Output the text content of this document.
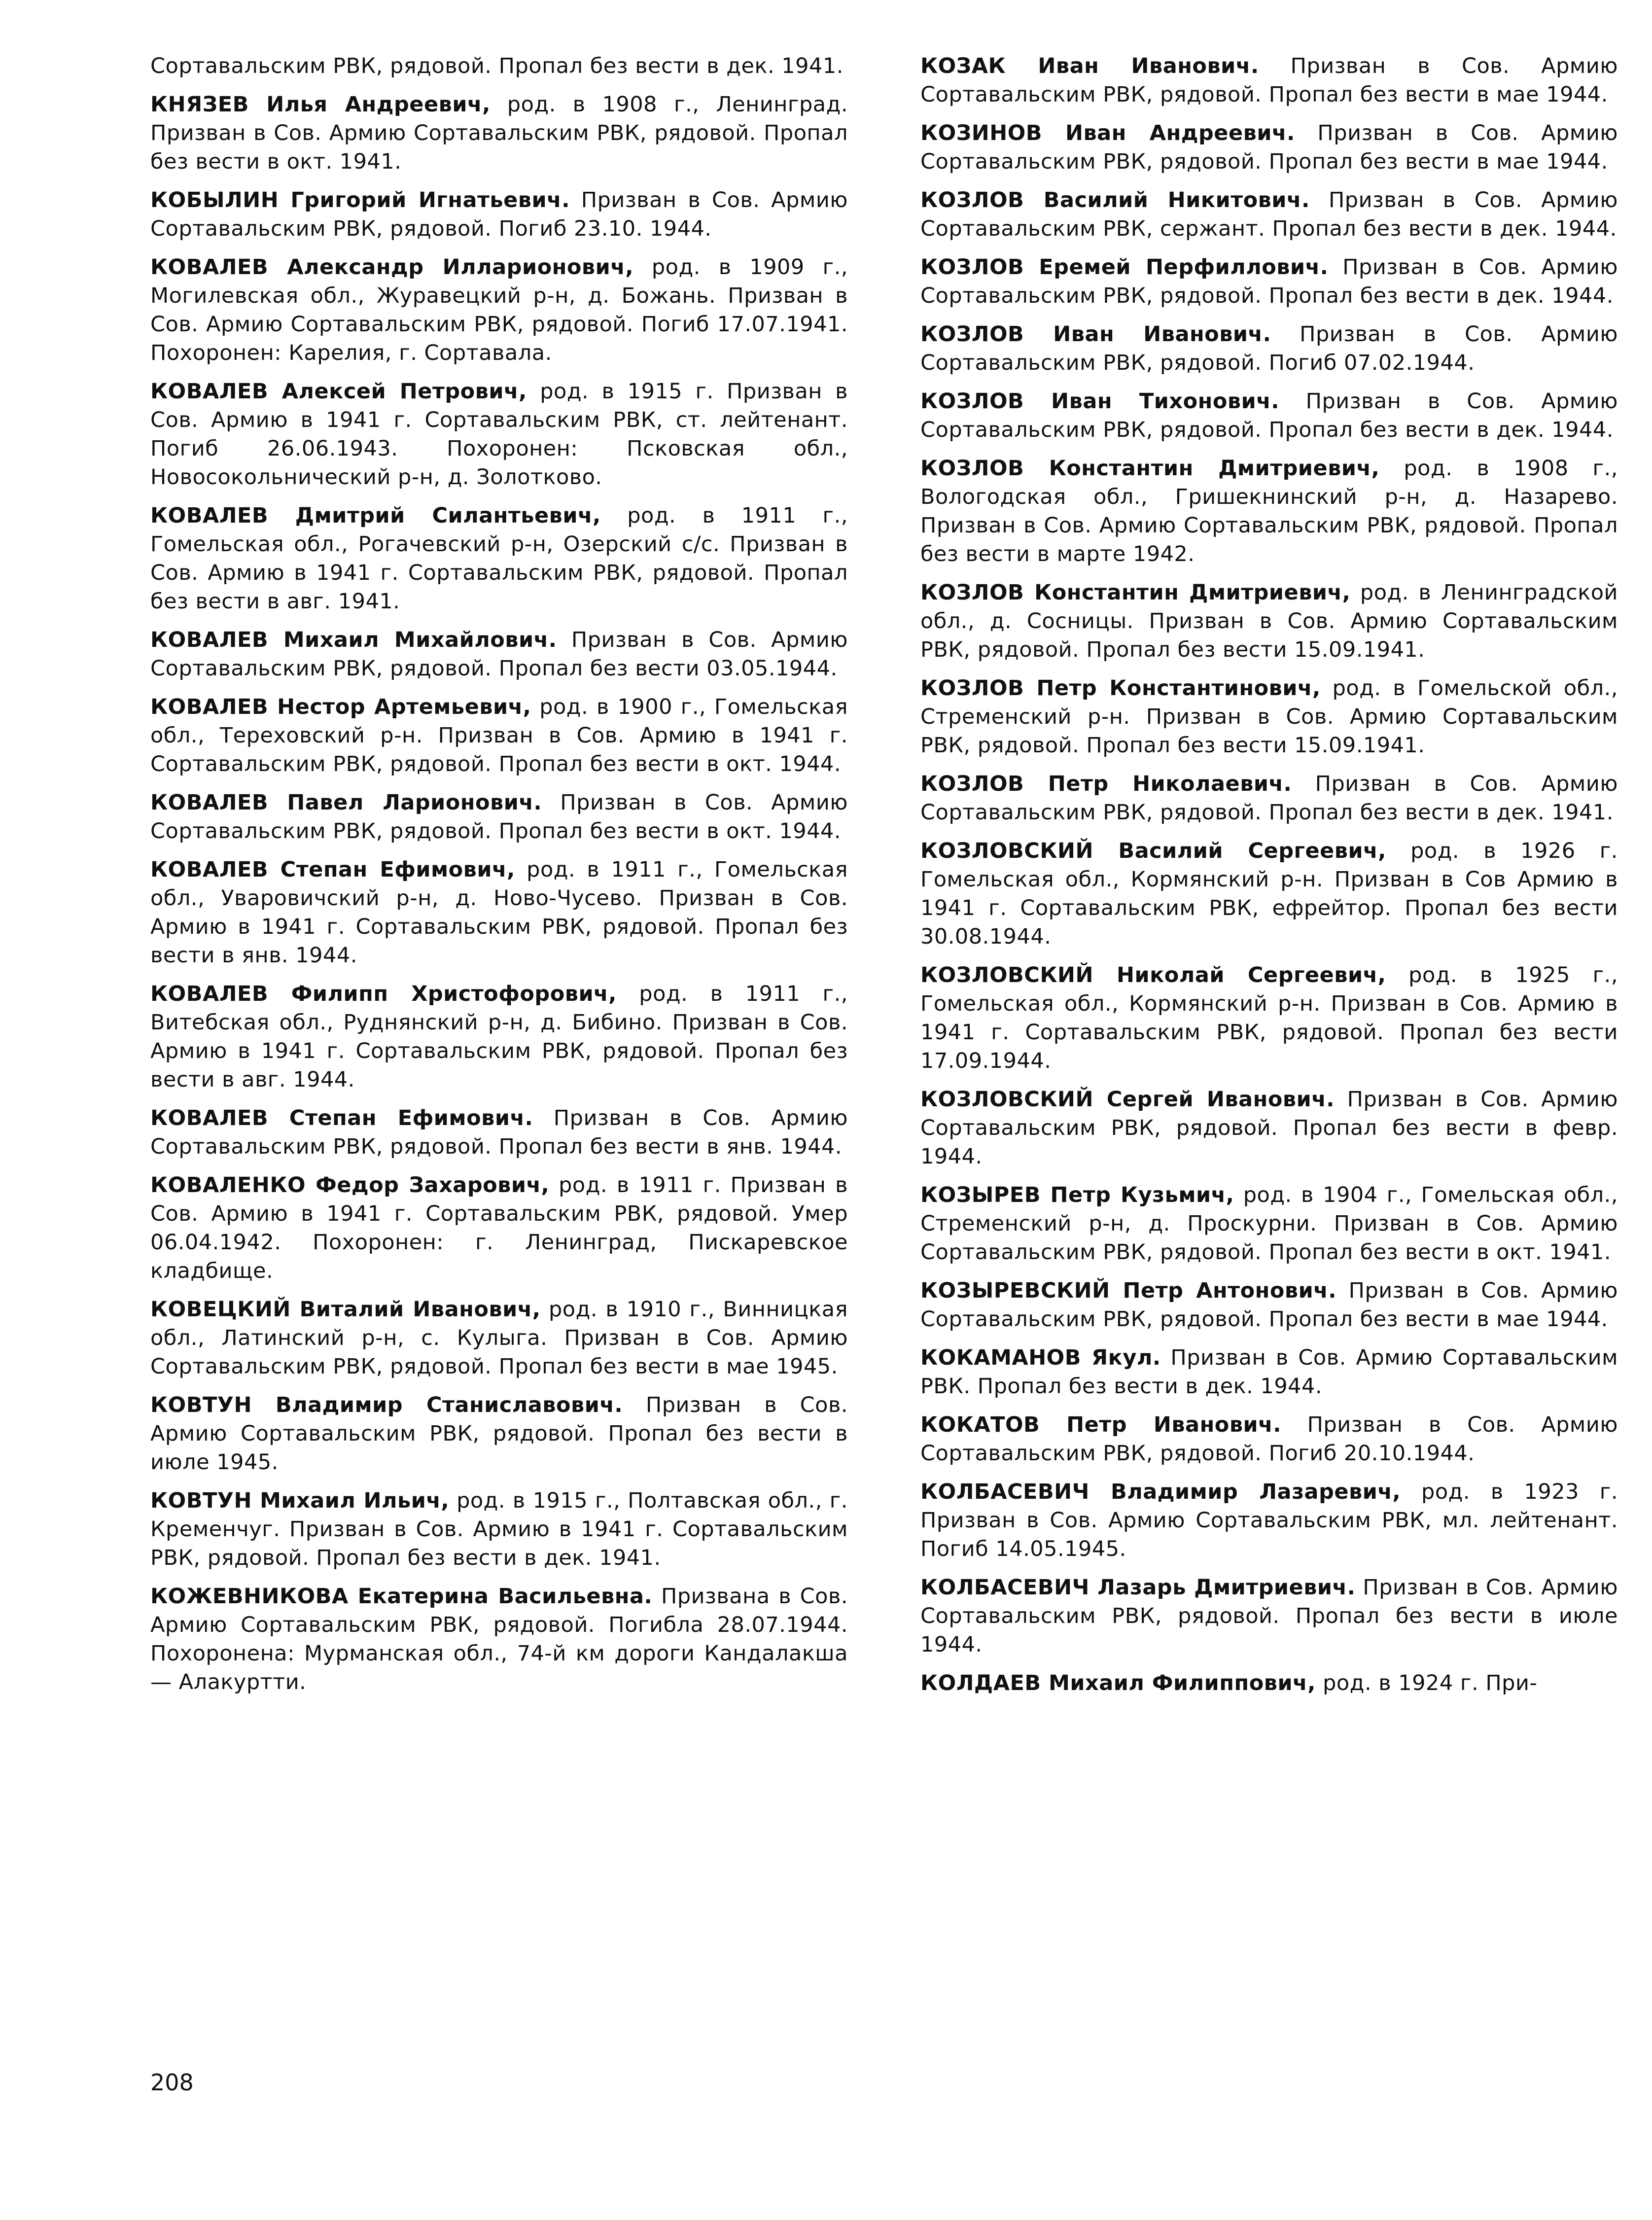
Сортавальским РВК, рядовой. Пропал без вести в дек. 1941.

КНЯЗЕВ Илья Андреевич, род. в 1908 г., Ленинград. Призван в Сов. Армию Сортавальским РВК, рядовой. Пропал без вести в окт. 1941.

КОБЫЛИН Григорий Игнатьевич. Призван в Сов. Армию Сортавальским РВК, рядовой. Погиб 23.10. 1944.

КОВАЛЕВ Александр Илларионович, род. в 1909 г., Могилевская обл., Журавецкий р-н, д. Божань. Призван в Сов. Армию Сортавальским РВК, рядовой. Погиб 17.07.1941. Похоронен: Карелия, г. Сортавала.

КОВАЛЕВ Алексей Петрович, род. в 1915 г. Призван в Сов. Армию в 1941 г. Сортавальским РВК, ст. лейтенант. Погиб 26.06.1943. Похоронен: Псковская обл., Новосокольнический р-н, д. Золотково.

КОВАЛЕВ Дмитрий Силантьевич, род. в 1911 г., Гомельская обл., Рогачевский р-н, Озерский с/с. Призван в Сов. Армию в 1941 г. Сортавальским РВК, рядовой. Пропал без вести в авг. 1941.

КОВАЛЕВ Михаил Михайлович. Призван в Сов. Армию Сортавальским РВК, рядовой. Пропал без вести 03.05.1944.

КОВАЛЕВ Нестор Артемьевич, род. в 1900 г., Гомельская обл., Тереховский р-н. Призван в Сов. Армию в 1941 г. Сортавальским РВК, рядовой. Пропал без вести в окт. 1944.

КОВАЛЕВ Павел Ларионович. Призван в Сов. Армию Сортавальским РВК, рядовой. Пропал без вести в окт. 1944.

КОВАЛЕВ Степан Ефимович, род. в 1911 г., Гомельская обл., Уваровичский р-н, д. Ново-Чусево. Призван в Сов. Армию в 1941 г. Сортавальским РВК, рядовой. Пропал без вести в янв. 1944.

КОВАЛЕВ Филипп Христофорович, род. в 1911 г., Витебская обл., Руднянский р-н, д. Бибино. Призван в Сов. Армию в 1941 г. Сортавальским РВК, рядовой. Пропал без вести в авг. 1944.

КОВАЛЕВ Степан Ефимович. Призван в Сов. Армию Сортавальским РВК, рядовой. Пропал без вести в янв. 1944.

КОВАЛЕНКО Федор Захарович, род. в 1911 г. Призван в Сов. Армию в 1941 г. Сортавальским РВК, рядовой. Умер 06.04.1942. Похоронен: г. Ленинград, Пискаревское кладбище.

КОВЕЦКИЙ Виталий Иванович, род. в 1910 г., Винницкая обл., Латинский р-н, с. Кулыга. Призван в Сов. Армию Сортавальским РВК, рядовой. Пропал без вести в мае 1945.

КОВТУН Владимир Станиславович. Призван в Сов. Армию Сортавальским РВК, рядовой. Пропал без вести в июле 1945.

КОВТУН Михаил Ильич, род. в 1915 г., Полтавская обл., г. Кременчуг. Призван в Сов. Армию в 1941 г. Сортавальским РВК, рядовой. Пропал без вести в дек. 1941.

КОЖЕВНИКОВА Екатерина Васильевна. Призвана в Сов. Армию Сортавальским РВК, рядовой. Погибла 28.07.1944. Похоронена: Мурманская обл., 74-й км дороги Кандалакша — Алакуртти.

КОЗАК Иван Иванович. Призван в Сов. Армию Сортавальским РВК, рядовой. Пропал без вести в мае 1944.

КОЗИНОВ Иван Андреевич. Призван в Сов. Армию Сортавальским РВК, рядовой. Пропал без вести в мае 1944.

КОЗЛОВ Василий Никитович. Призван в Сов. Армию Сортавальским РВК, сержант. Пропал без вести в дек. 1944.

КОЗЛОВ Еремей Перфиллович. Призван в Сов. Армию Сортавальским РВК, рядовой. Пропал без вести в дек. 1944.

КОЗЛОВ Иван Иванович. Призван в Сов. Армию Сортавальским РВК, рядовой. Погиб 07.02.1944.

КОЗЛОВ Иван Тихонович. Призван в Сов. Армию Сортавальским РВК, рядовой. Пропал без вести в дек. 1944.

КОЗЛОВ Константин Дмитриевич, род. в 1908 г., Вологодская обл., Гришекнинский р-н, д. Назарево. Призван в Сов. Армию Сортавальским РВК, рядовой. Пропал без вести в марте 1942.

КОЗЛОВ Константин Дмитриевич, род. в Ленинградской обл., д. Сосницы. Призван в Сов. Армию Сортавальским РВК, рядовой. Пропал без вести 15.09.1941.

КОЗЛОВ Петр Константинович, род. в Гомельской обл., Стременский р-н. Призван в Сов. Армию Сортавальским РВК, рядовой. Пропал без вести 15.09.1941.

КОЗЛОВ Петр Николаевич. Призван в Сов. Армию Сортавальским РВК, рядовой. Пропал без вести в дек. 1941.

КОЗЛОВСКИЙ Василий Сергеевич, род. в 1926 г. Гомельская обл., Кормянский р-н. Призван в Сов Армию в 1941 г. Сортавальским РВК, ефрейтор. Пропал без вести 30.08.1944.

КОЗЛОВСКИЙ Николай Сергеевич, род. в 1925 г., Гомельская обл., Кормянский р-н. Призван в Сов. Армию в 1941 г. Сортавальским РВК, рядовой. Пропал без вести 17.09.1944.

КОЗЛОВСКИЙ Сергей Иванович. Призван в Сов. Армию Сортавальским РВК, рядовой. Пропал без вести в февр. 1944.

КОЗЫРЕВ Петр Кузьмич, род. в 1904 г., Гомельская обл., Стременский р-н, д. Проскурни. Призван в Сов. Армию Сортавальским РВК, рядовой. Пропал без вести в окт. 1941.

КОЗЫРЕВСКИЙ Петр Антонович. Призван в Сов. Армию Сортавальским РВК, рядовой. Пропал без вести в мае 1944.

КОКАМАНОВ Якул. Призван в Сов. Армию Сортавальским РВК. Пропал без вести в дек. 1944.

КОКАТОВ Петр Иванович. Призван в Сов. Армию Сортавальским РВК, рядовой. Погиб 20.10.1944.

КОЛБАСЕВИЧ Владимир Лазаревич, род. в 1923 г. Призван в Сов. Армию Сортавальским РВК, мл. лейтенант. Погиб 14.05.1945.

КОЛБАСЕВИЧ Лазарь Дмитриевич. Призван в Сов. Армию Сортавальским РВК, рядовой. Пропал без вести в июле 1944.

КОЛДАЕВ Михаил Филиппович, род. в 1924 г. При-

208
